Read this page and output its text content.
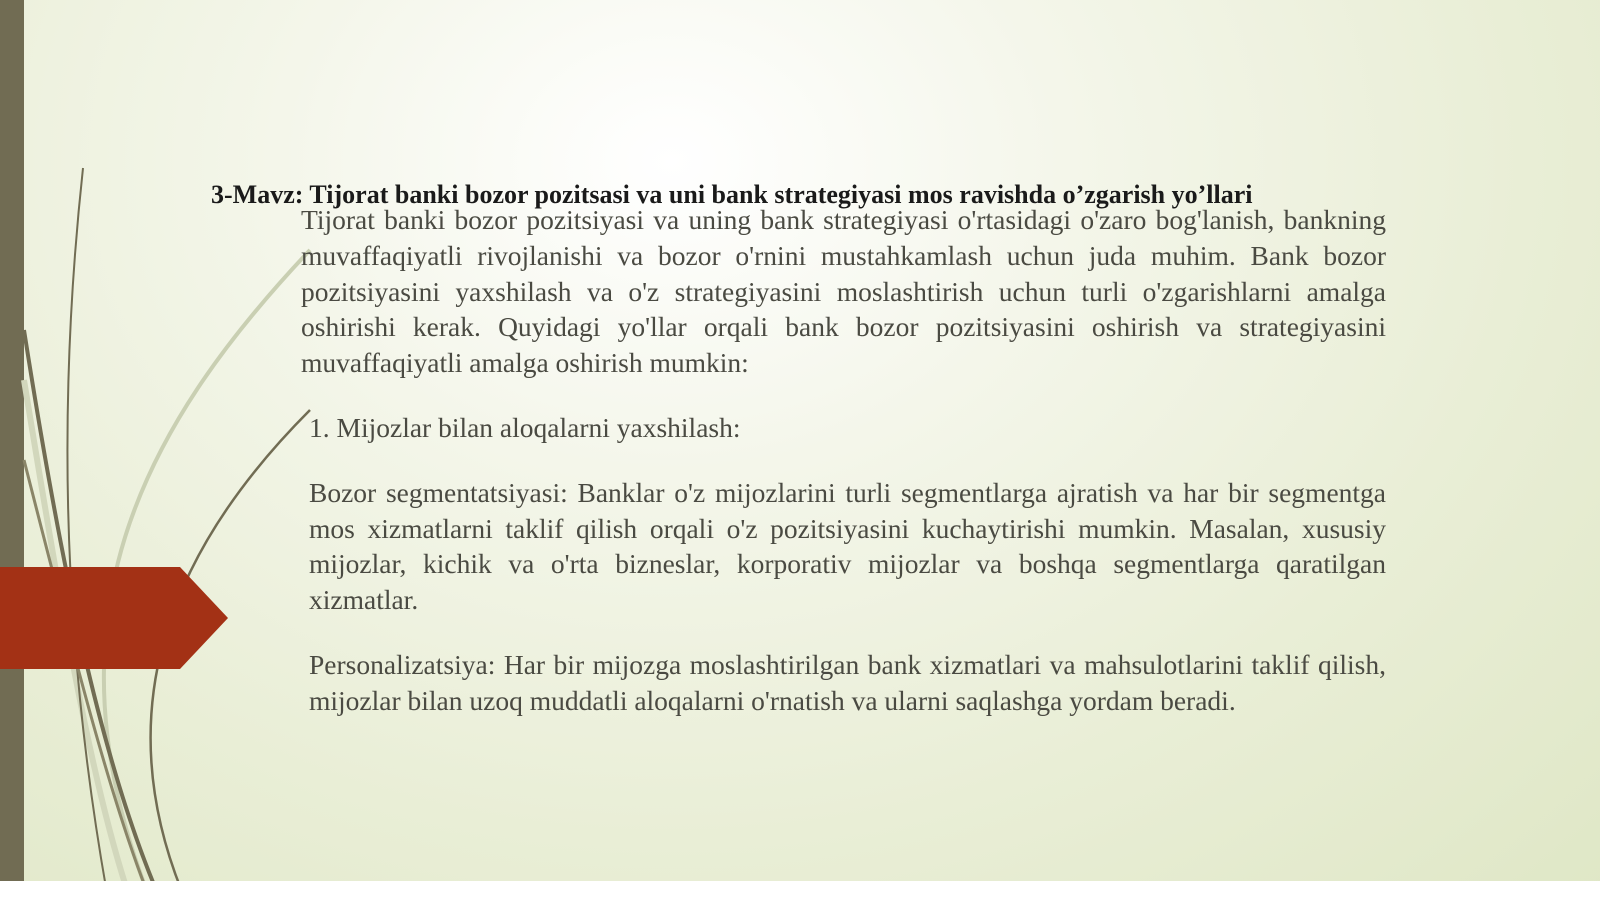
3-Mavz: Tijorat banki bozor pozitsasi va uni bank strategiyasi mos ravishda o’zgarish yo’llari

Tijorat banki bozor pozitsiyasi va uning bank strategiyasi o'rtasidagi o'zaro bog'lanish, bankning muvaffaqiyatli rivojlanishi va bozor o'rnini mustahkamlash uchun juda muhim. Bank bozor pozitsiyasini yaxshilash va o'z strategiyasini moslashtirish uchun turli o'zgarishlarni amalga oshirishi kerak. Quyidagi yo'llar orqali bank bozor pozitsiyasini oshirish va strategiyasini muvaffaqiyatli amalga oshirish mumkin:

1. Mijozlar bilan aloqalarni yaxshilash:

Bozor segmentatsiyasi: Banklar o'z mijozlarini turli segmentlarga ajratish va har bir segmentga mos xizmatlarni taklif qilish orqali o'z pozitsiyasini kuchaytirishi mumkin. Masalan, xususiy mijozlar, kichik va o'rta bizneslar, korporativ mijozlar va boshqa segmentlarga qaratilgan xizmatlar.

Personalizatsiya: Har bir mijozga moslashtirilgan bank xizmatlari va mahsulotlarini taklif qilish, mijozlar bilan uzoq muddatli aloqalarni o'rnatish va ularni saqlashga yordam beradi.
